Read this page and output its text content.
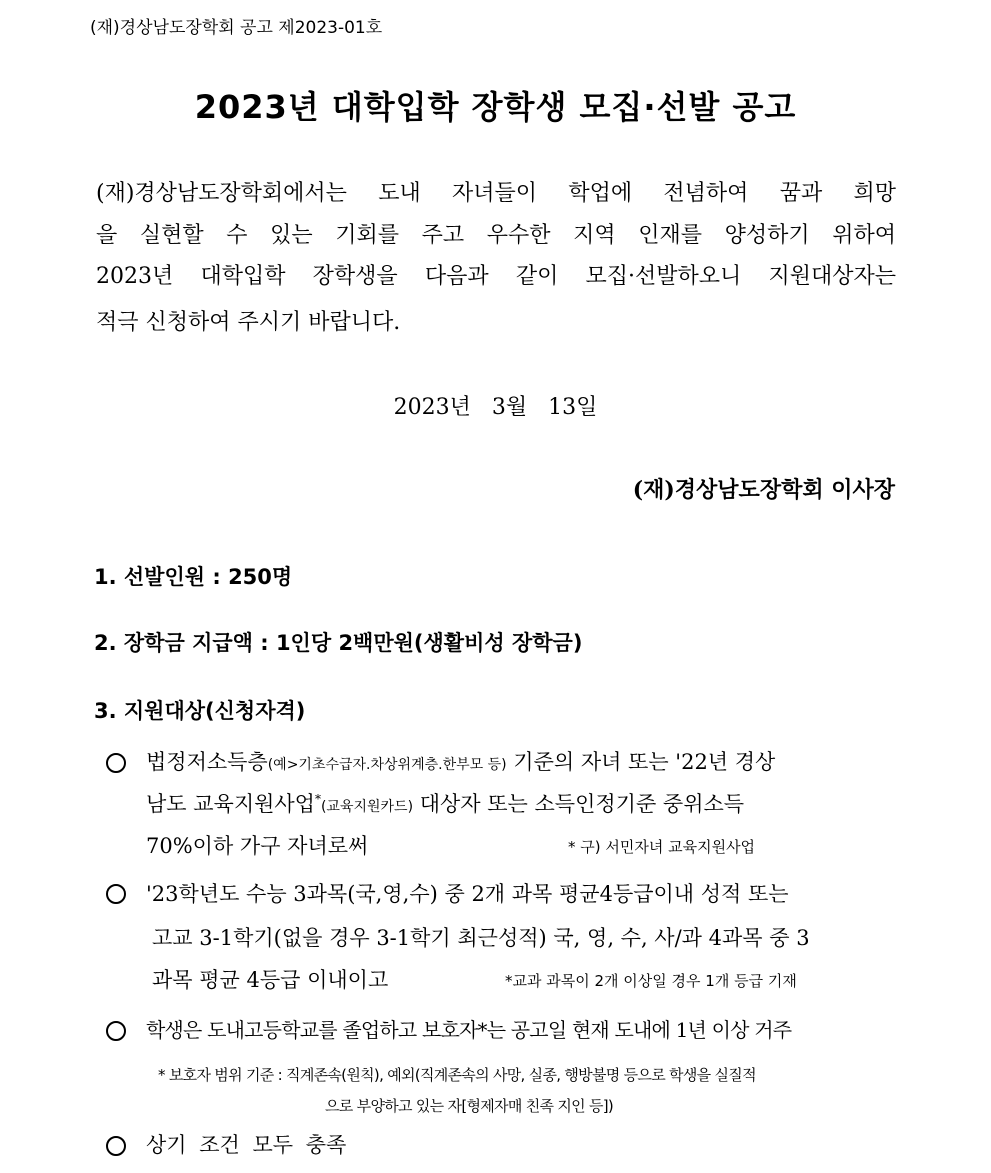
(재)경상남도장학회 공고 제2023-01호
2023년 대학입학 장학생 모집·선발 공고
(재)경상남도장학회에서는 도내 자녀들이 학업에 전념하여 꿈과 희망
을 실현할 수 있는 기회를 주고 우수한 지역 인재를 양성하기 위하여
2023년 대학입학 장학생을 다음과 같이 모집·선발하오니 지원대상자는
적극 신청하여 주시기 바랍니다.
2023년 3월 13일
(재)경상남도장학회 이사장
1. 선발인원 : 250명
2. 장학금 지급액 : 1인당 2백만원(생활비성 장학금)
3. 지원대상(신청자격)
법정저소득층(예>기초수급자.차상위계층.한부모 등) 기준의 자녀 또는 '22년 경상
남도 교육지원사업*(교육지원카드) 대상자 또는 소득인정기준 중위소득
70%이하 가구 자녀로써	* 구) 서민자녀 교육지원사업
'23학년도 수능 3과목(국,영,수) 중 2개 과목 평균4등급이내 성적 또는
고교 3-1학기(없을 경우 3-1학기 최근성적) 국, 영, 수, 사/과 4과목 중 3
과목 평균 4등급 이내이고	*교과 과목이 2개 이상일 경우 1개 등급 기재
학생은 도내고등학교를 졸업하고 보호자*는 공고일 현재 도내에 1년 이상 거주
* 보호자 범위 기준 : 직계존속(원칙), 예외(직계존속의 사망, 실종, 행방불명 등으로 학생을 실질적
으로 부양하고 있는 자[형제자매 친족 지인 등])
상기 조건 모두 충족
